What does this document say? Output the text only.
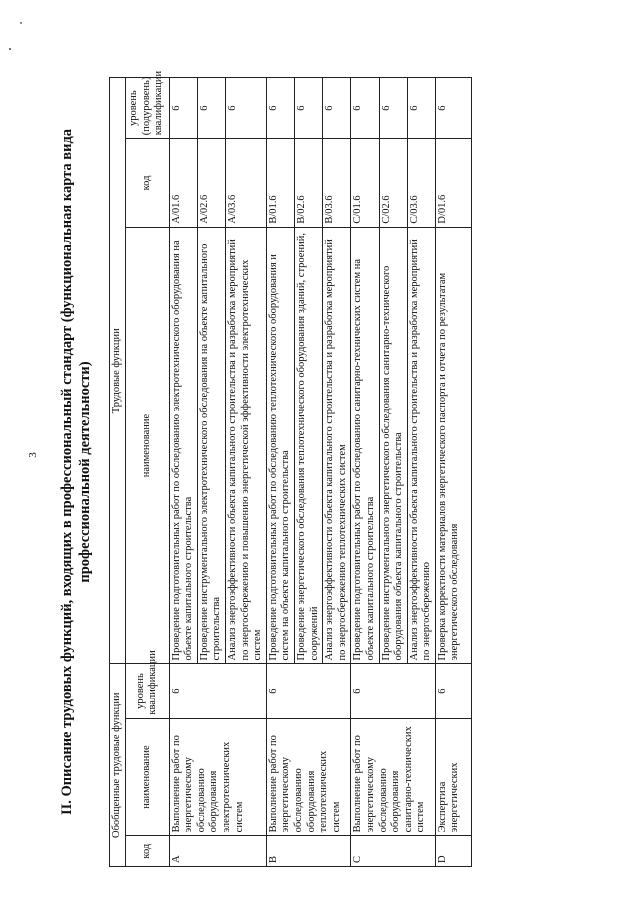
3 II. Описание трудовых функций, входящих в профессиональный стандарт (функциональная карта вида профессиональной деятельности)
Обобщенные трудовые функции			Трудовые функции		
код	наименование	уровень квалификации	наименование	код	уровень (подуровень) квалификации
A	Выполнение работ по энергетическому обследованию оборудования электротехнических систем	6	Проведение подготовительных работ по обследованию электротехнического оборудования на объекте капитального строительства	A/01.6	6
			Проведение инструментального электротехнического обследования на объекте капитального строительства	A/02.6	6
			Анализ энергоэффективности объекта капитального строительства и разработка мероприятий по энергосбережению и повышению энергетической эффективности электротехнических систем	A/03.6	6
B	Выполнение работ по энергетическому обследованию оборудования теплотехнических систем	6	Проведение подготовительных работ по обследованию теплотехнического оборудования и систем на объекте капитального строительства	B/01.6	6
			Проведение энергетического обследования теплотехнического оборудования зданий, строений, сооружений	B/02.6	6
			Анализ энергоэффективности объекта капитального строительства и разработка мероприятий по энергосбережению теплотехнических систем	B/03.6	6
C	Выполнение работ по энергетическому обследованию оборудования санитарно-технических систем	6	Проведение подготовительных работ по обследованию санитарно-технических систем на объекте капитального строительства	C/01.6	6
			Проведение инструментального энергетического обследования санитарно-технического оборудования объекта капитального строительства	C/02.6	6
			Анализ энергоэффективности объекта капитального строительства и разработка мероприятий по энергосбережению	C/03.6	6
D	Экспертиза энергетических	6	Проверка корректности материалов энергетического паспорта и отчета по результатам энергетического обследования	D/01.6	6
